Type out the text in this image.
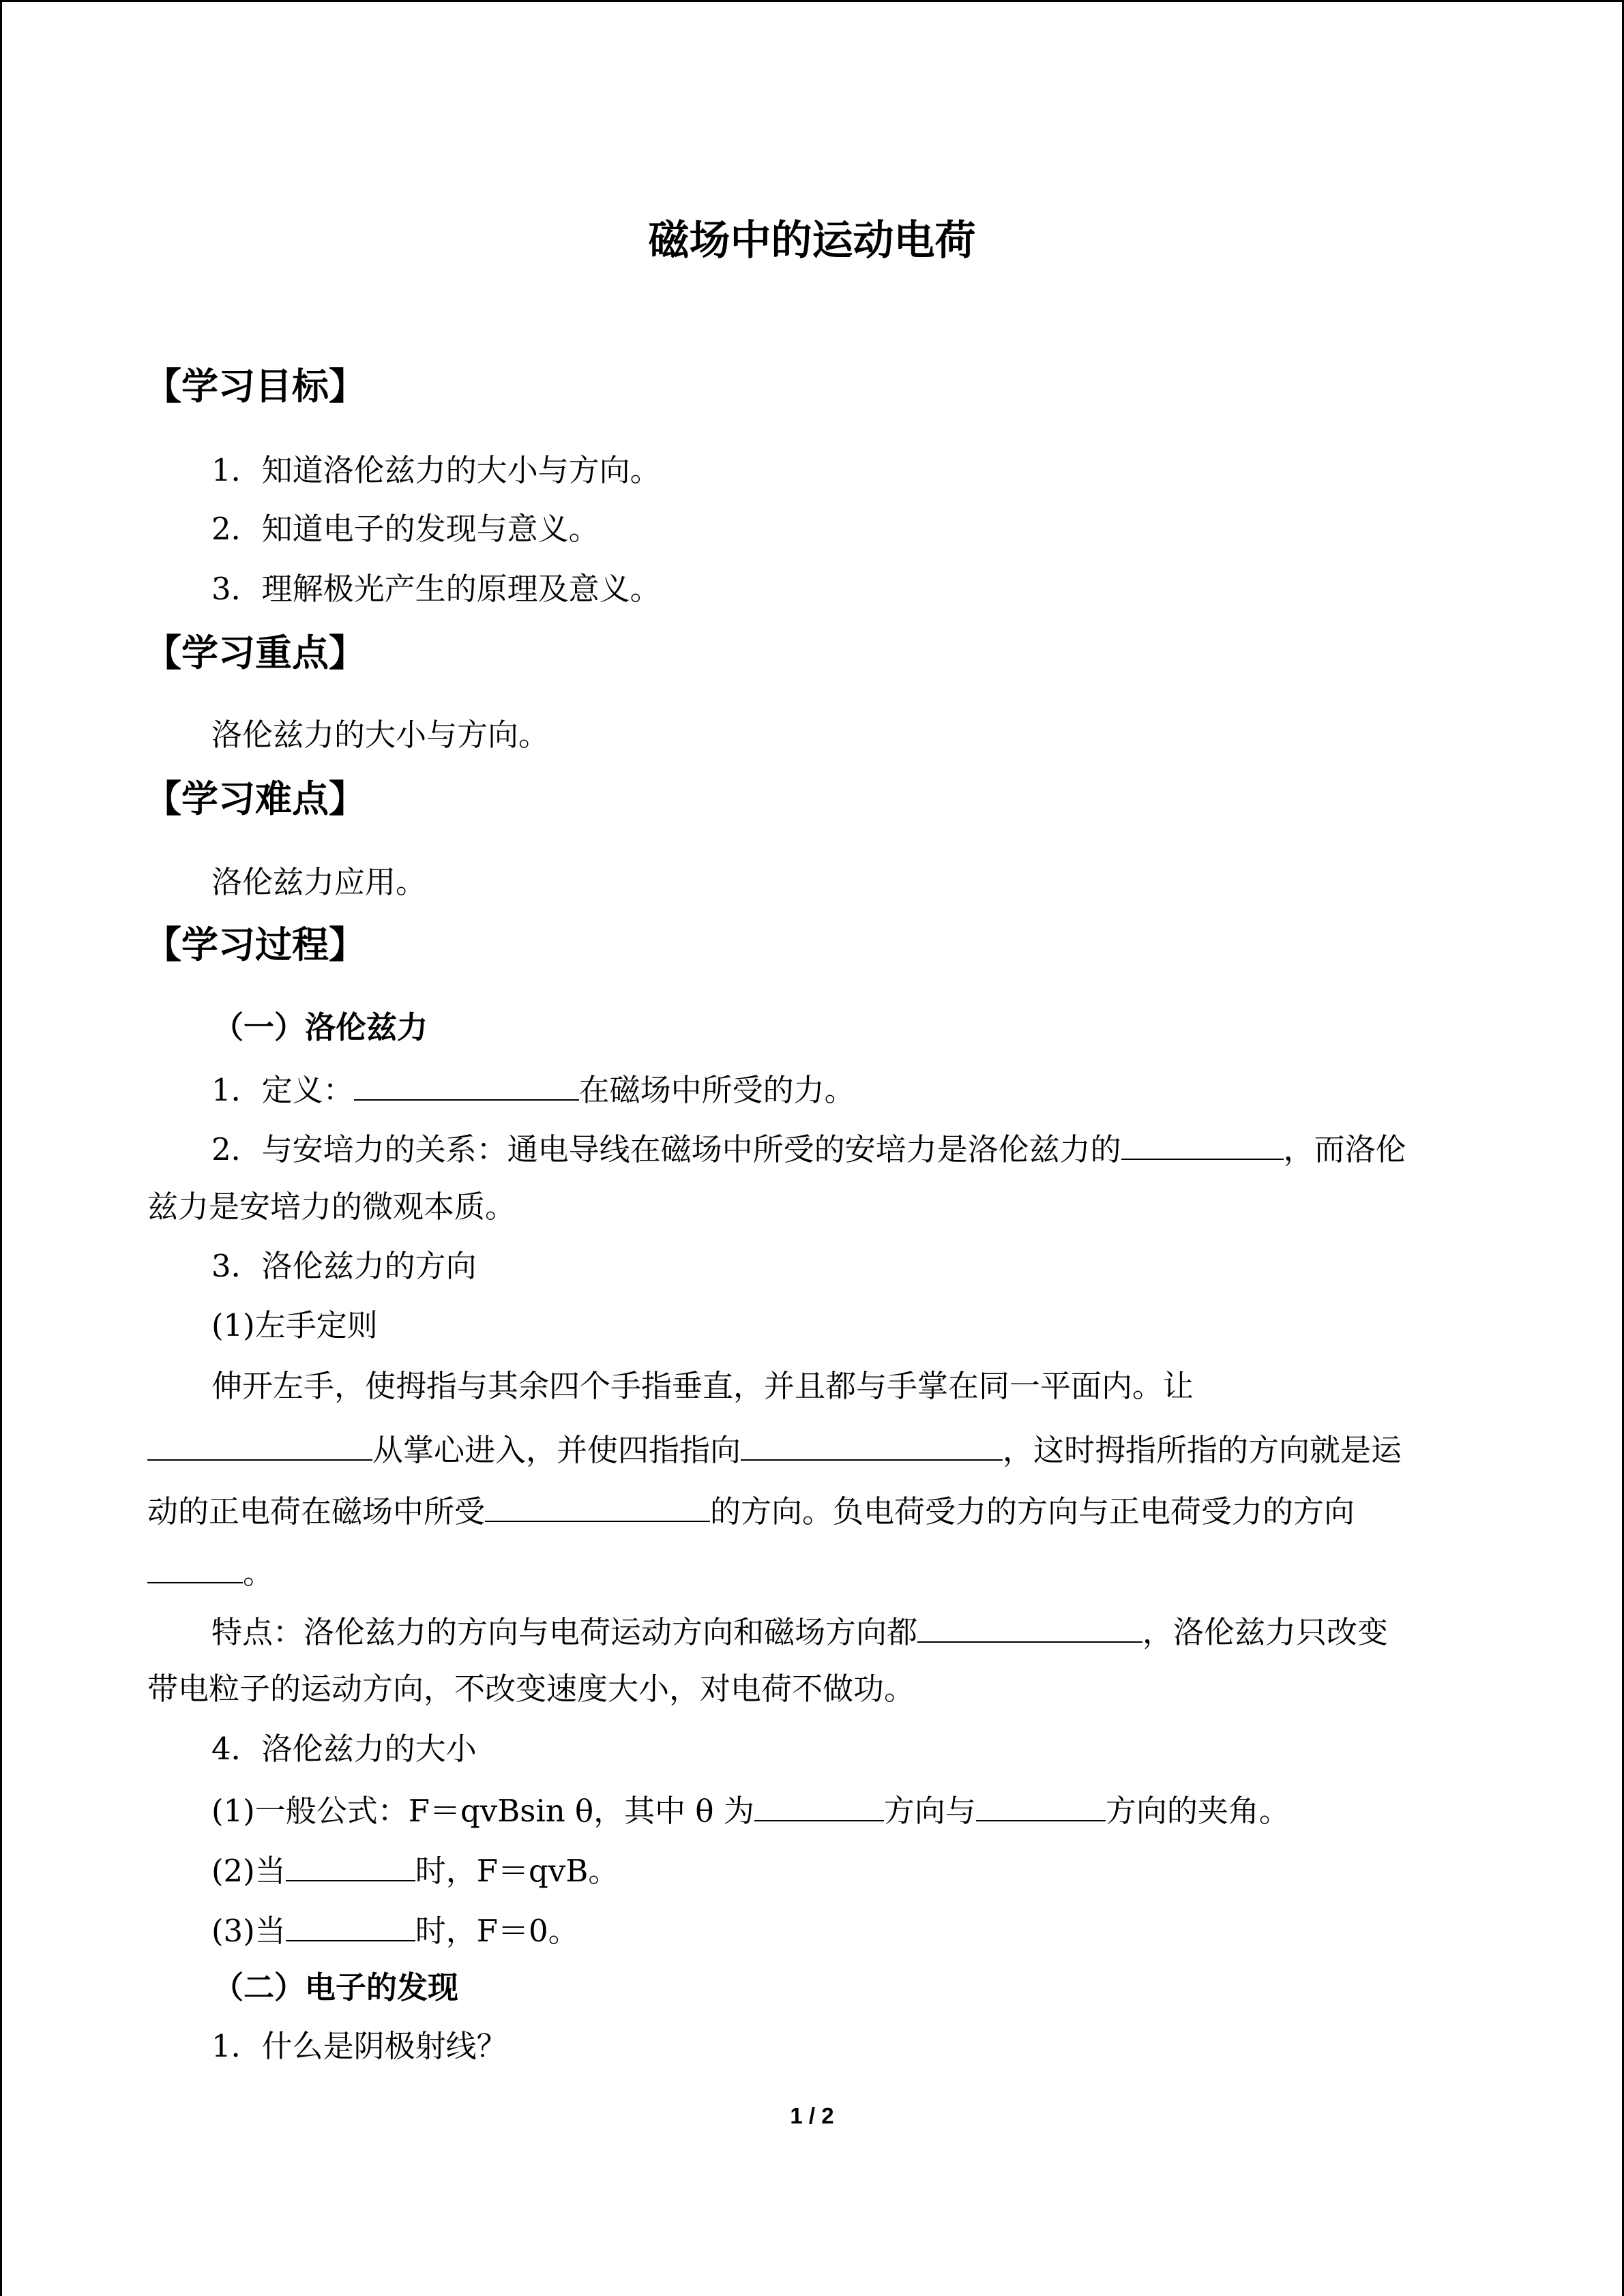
磁场中的运动电荷
【学习目标】
1．知道洛伦兹力的大小与方向。
2．知道电子的发现与意义。
3．理解极光产生的原理及意义。
【学习重点】
洛伦兹力的大小与方向。
【学习难点】
洛伦兹力应用。
【学习过程】
（一）洛伦兹力
1．定义：	在磁场中所受的力。
2．与安培力的关系：通电导线在磁场中所受的安培力是洛伦兹力的	，而洛伦
兹力是安培力的微观本质。
3．洛伦兹力的方向
(1)左手定则
伸开左手，使拇指与其余四个手指垂直，并且都与手掌在同一平面内。让
从掌心进入，并使四指指向	，这时拇指所指的方向就是运
动的正电荷在磁场中所受	的方向。负电荷受力的方向与正电荷受力的方向
。
特点：洛伦兹力的方向与电荷运动方向和磁场方向都	，洛伦兹力只改变
带电粒子的运动方向，不改变速度大小，对电荷不做功。
4．洛伦兹力的大小
(1)一般公式：F＝qvBsin θ，其中 θ 为	方向与	方向的夹角。
(2)当	时，F＝qvB。
(3)当	时，F＝0。
（二）电子的发现
1．什么是阴极射线？
1 / 2
